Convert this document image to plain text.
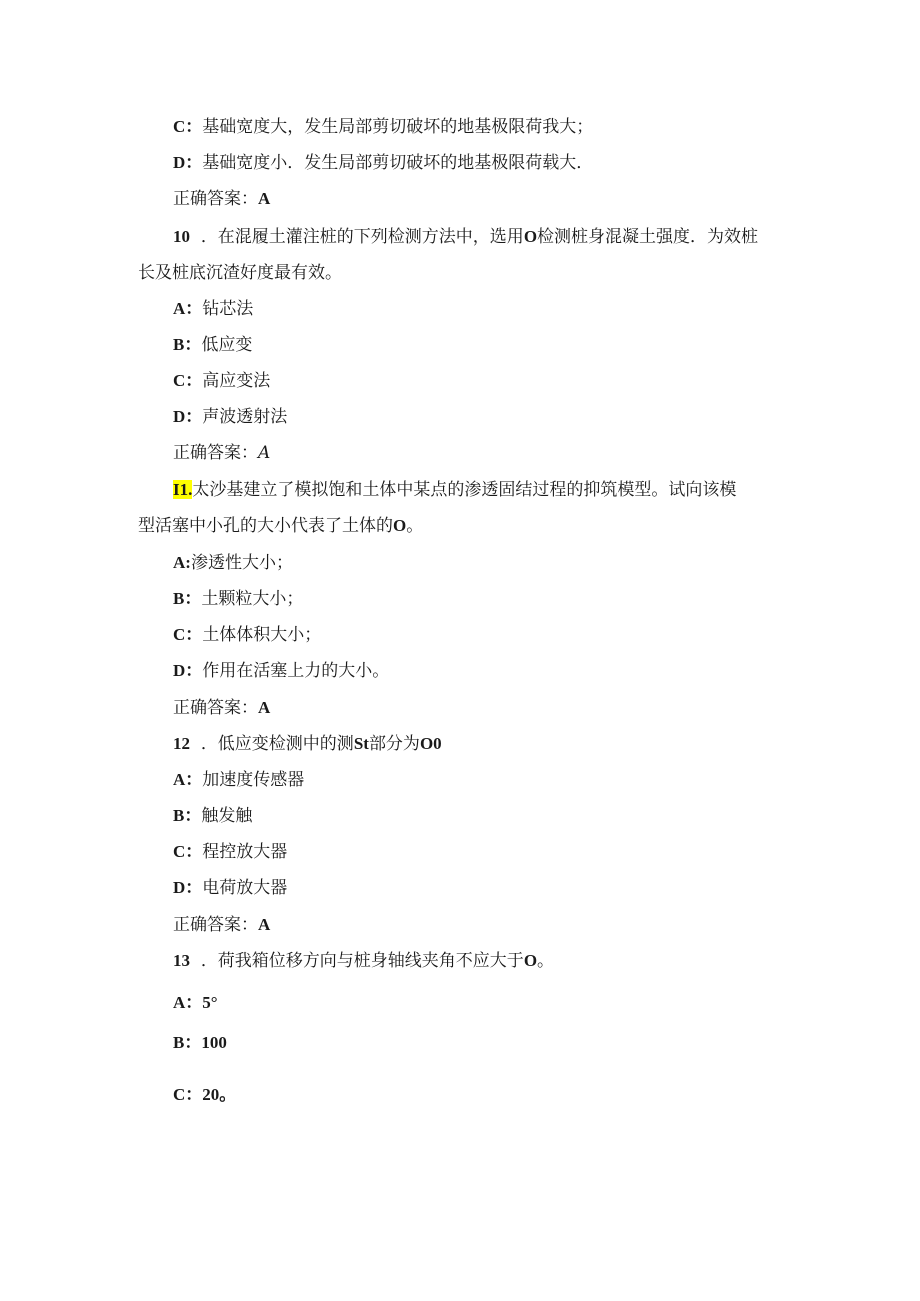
C：基础宽度大，发生局部剪切破坏的地基极限荷我大；
D：基础宽度小．发生局部剪切破坏的地基极限荷载大．
正确答案：A
10 ．在混履土灌注桩的下列检测方法中，选用O检测桩身混凝土强度．为效桩
长及桩底沉渣好度最有效。
A：钻芯法
B：低应变
C：高应变法
D：声波透射法
正确答案：A
I1.太沙基建立了模拟饱和土体中某点的渗透固结过程的抑筑模型。试向该模
型活塞中小孔的大小代表了土体的O。
A:渗透性大小；
B：土颗粒大小；
C：土体体积大小；
D：作用在活塞上力的大小。
正确答案：A
12 ．低应变检测中的测St部分为O0
A：加速度传感器
B：触发触
C：程控放大器
D：电荷放大器
正确答案：A
13 ．荷我箱位移方向与桩身轴线夹角不应大于O。
A：5°
B：100
C：20。
